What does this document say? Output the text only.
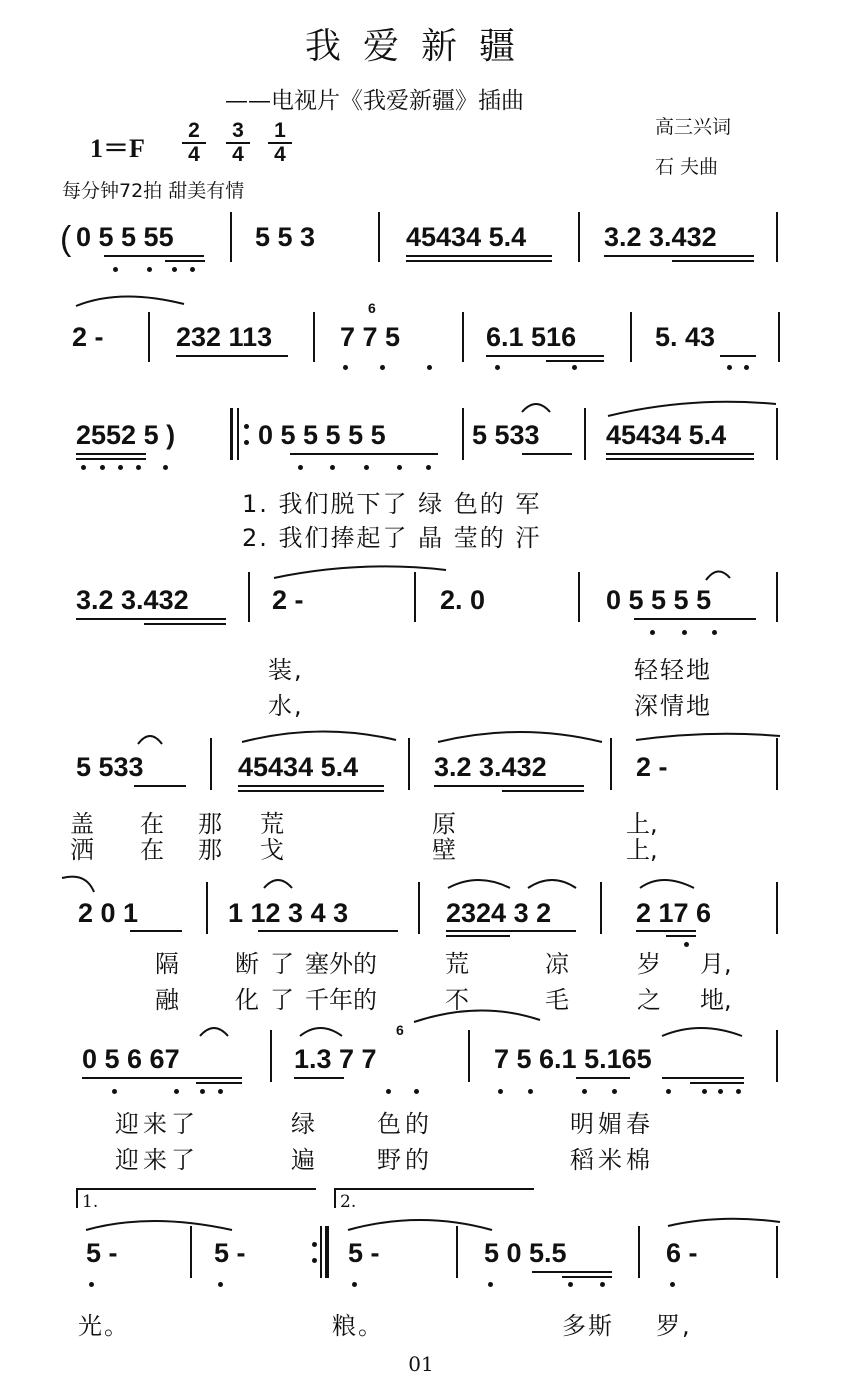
我爱新疆
——电视片《我爱新疆》插曲
高三兴词
石 夫曲
1＝F
2
4
3
4
1
4
每分钟72拍 甜美有情
( 0 5 5 55	5 5 3	45434 5.4	3.2 3.432
2 -	232 113	7 7 5	6.1 516	5. 43
6
2552 5 )	0 5 5 5 5 5	5 533 45434 5.4
1. 我们脱下了 绿 色的 军
2. 我们捧起了 晶 莹的 汗
3.2 3.432	2 -	2. 0	0 5 5 5 5
装,	轻轻地
水,	深情地
5 533	45434 5.4	3.2 3.432	2 -
盖 在 那 荒	原	上,
洒 在 那 戈	壁	上,
2 0 1	1 12 3 4 3	2324 3 2	2 17 6
隔 断 了 塞外的	荒	凉	岁 月,
融 化 了 千年的	不	毛	之 地,
0 5 6 67	1.3 7 7	7 5 6.1 5.165
6
迎来了	绿	色的	明媚春
迎来了	遍	野的	稻米棉
1.	2.
5 -	5 -	5 -	5 0 5.5	6 -
光。	粮。	多斯 罗,
01
